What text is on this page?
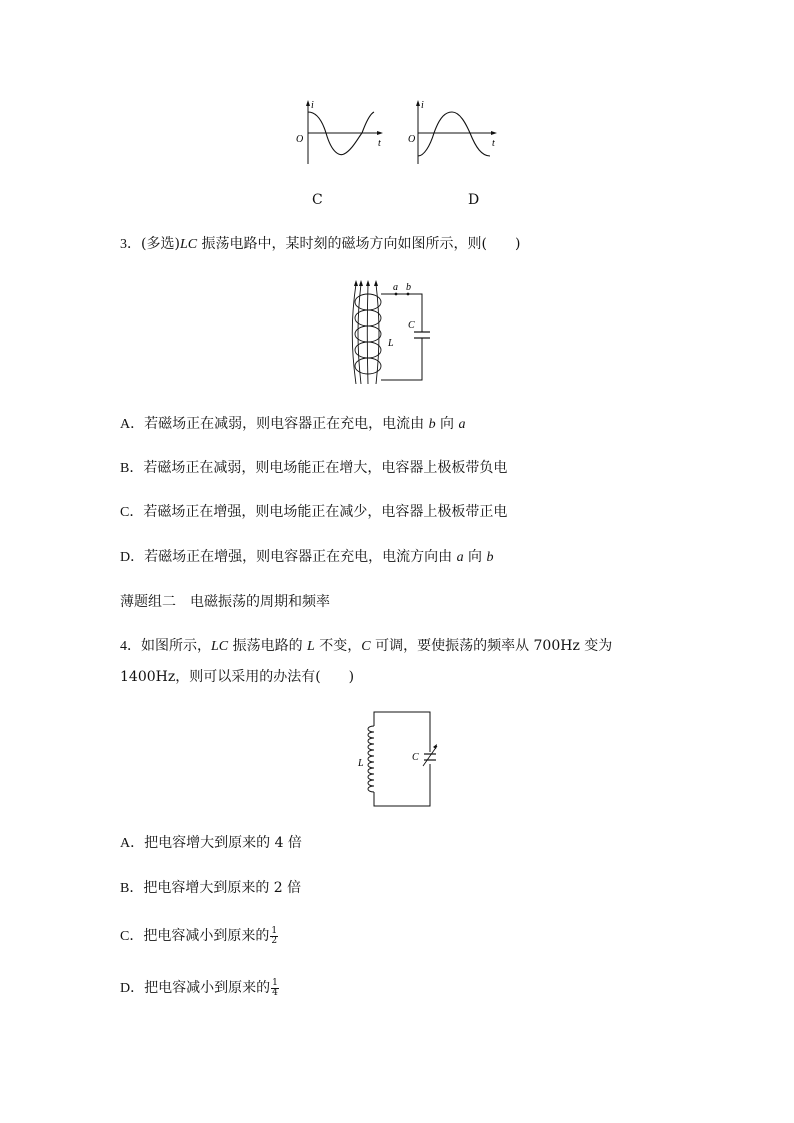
i
O	t
C
i
O	t
D
3．(多选)LC 振荡电路中，某时刻的磁场方向如图所示，则(　　)
a b
C
L
A．若磁场正在减弱，则电容器正在充电，电流由 b 向 a
B．若磁场正在减弱，则电场能正在增大，电容器上极板带负电
C．若磁场正在增强，则电场能正在减少，电容器上极板带正电
D．若磁场正在增强，则电容器正在充电，电流方向由 a 向 b
薄题组二　电磁振荡的周期和频率
4．如图所示，LC 振荡电路的 L 不变，C 可调，要使振荡的频率从 700Hz 变为
1400Hz，则可以采用的办法有(　　)
L
C
A．把电容增大到原来的 4 倍
B．把电容增大到原来的 2 倍
C．把电容减小到原来的 $\frac{1}{2}$
D．把电容减小到原来的 $\frac{1}{4}$
